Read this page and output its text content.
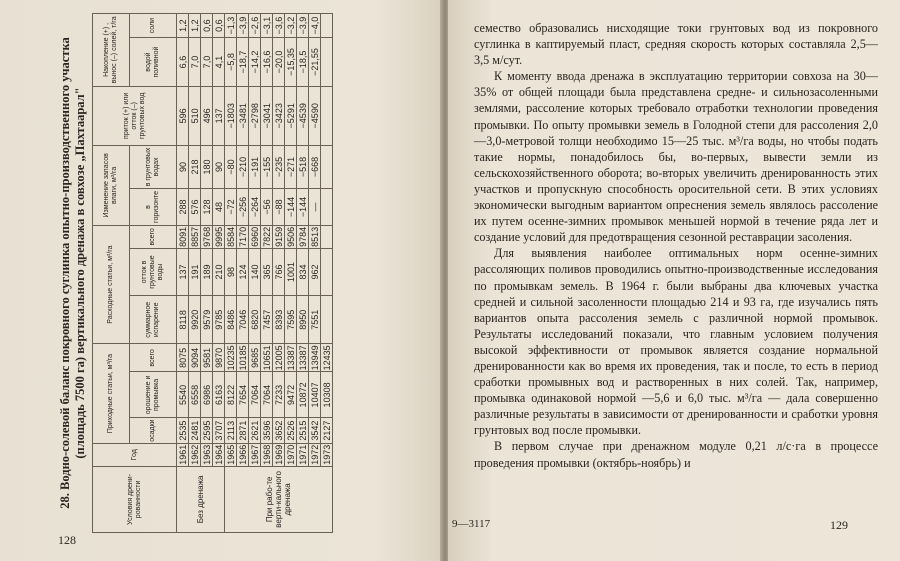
28. Водно-солевой баланс покровного суглинка опытно-производственного участка (площадь 7500 га) вертикального дренажа в совхозе „Пахтаарал"
Условия дрени-рованности	Год	Приходные статьи, м³/га			Расходные статьи, м³/га			Изменение запасов влаги, м³/га		приток (+) или отток (–) грунтовых вод	Накопление (+) , вынос (–) солей, т/га	
		осадки	орошение и промывка	всего	суммарное испарение	отток в грунтовые воды	всего	в горизонте	в грунтовых водах		водой поливной	соли
Без дренажа	1961	2535	5540	8075	8118	137	8091	288	90	596	6,6	1,2
	1962	2481	6558	9094	9920	191	8857	576	218	510	7,0	1,2
	1963	2595	6986	9581	9579	189	9768	128	180	496	7,0	0,6
	1964	3707	6163	9870	9785	210	9995	48	90	137	4,1	0,6
При рабо-те верти-кального дренажа	1965	2113	8122	10235	8486	98	8584	−72	−80	−1803	−5,8	−1,3
	1966	2871	7654	10185	7046	124	7170	−256	−210	−3481	−18,7	−3,9
	1967	2621	7064	9685	6820	140	6960	−264	−191	−2798	−14,2	−2,6
	1968	3596	7064	10651	7457	365	7822	−56	−155	−3041	−16,6	−3,1
	1969	3652	7233	12005	8393	766	9159	−88	−235	−3423	−20,0	−3,6
	1970	2526	9472	13387	7595	1001	9506	−144	−271	−5291	−15,35	−3,2
	1971	2515	10872	13387	8950	834	9784	−144	−518	−4539	−18,5	−3,9
	1972	3542	10407	13949	7551	962	8513	—	−668	−4590	−21,55	−4,0
	1973	2127	10308	12435								
128

семество образовались нисходящие токи грунтовых вод из покровного суглинка в каптируемый пласт, средняя скорость которых составляла 2,5—3,5 м/сут.

К моменту ввода дренажа в эксплуатацию территории совхоза на 30—35% от общей площади была представлена средне- и сильнозасоленными землями, рассоление которых требовало отработки технологии проведения промывки. По опыту промывки земель в Голодной степи для рассоления 2,0—3,0-метровой толщи необходимо 15—25 тыс. м³/га воды, но чтобы подать такие нормы, понадобилось бы, во-первых, вывести земли из сельскохозяйственного оборота; во-вторых увеличить дренированность этих участков и пропускную способность оросительной сети. В этих условиях экономически выгодным вариантом опреснения земель являлось рассоление их путем осенне-зимних промывок меньшей нормой в течение ряда лет и создание условий для предотвращения сезонной реставрации засоления.

Для выявления наиболее оптимальных норм осенне-зимних рассоляющих поливов проводились опытно-производственные исследования по промывкам земель. В 1964 г. были выбраны два ключевых участка средней и сильной засоленности площадью 214 и 93 га, где изучались пять вариантов опыта рассоления земель с различной нормой промывок. Результаты исследований показали, что главным условием получения высокой эффективности от промывок является создание нормальной дренированности как во время их проведения, так и после, то есть в период сработки промывных вод и растворенных в них солей. Так, например, промывка одинаковой нормой —5,6 и 6,0 тыс. м³/га — дала совершенно различные результаты в зависимости от дренированности и сработки уровня грунтовых вод после промывки.

В первом случае при дренажном модуле 0,21 л/с·га в процессе проведения промывки (октябрь-ноябрь) и

9—3117	129
